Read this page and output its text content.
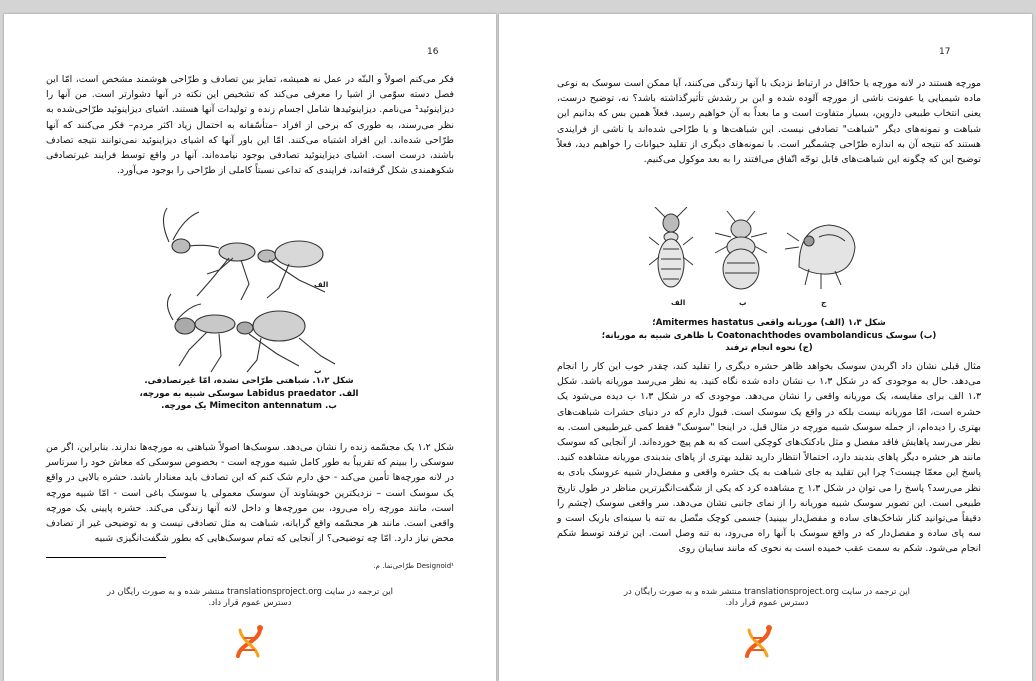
16

فکر می‌کنم اصولاً و البتّه در عمل نه همیشه، تمایز بین تصادف و طرّاحی هوشمند مشخص است، امّا این فصل دسته سوّمی از اشیا را معرفی می‌کند که تشخیص این نکته در آنها دشوارتر است. من آنها را دیزاینوئید¹ می‌نامم. دیزاینوئیدها شامل اجسام زنده و تولیدات آنها هستند. اشیای دیزاینوئید طرّاحی‌شده به نظر می‌رسند، به طوری که برخی از افراد –متأسّفانه به احتمال زیاد اکثر مردم– فکر می‌کنند که آنها طرّاحی شده‌اند. این افراد اشتباه می‌کنند. امّا این باور آنها که اشیای دیزاینوئید نمی‌توانند نتیجه تصادف باشند، درست است. اشیای دیزاینوئید تصادفی بوجود نیامده‌اند. آنها در واقع توسط فرایند غیرتصادفی شکوهمندی شکل گرفته‌اند، فرایندی که تداعی نسبتاً کاملی از طرّاحی را بوجود می‌آورد.

الف
ب
شکل ۱،۲. شباهتی طرّاحی نشده، امّا غیرتصادفی.
الف. Labidus praedator سوسکی شبیه به مورچه،
ب. Mimeciton antennatum یک مورچه.

شکل ۱،۲ یک مجسّمه زنده را نشان می‌دهد. سوسک‌ها اصولاً شباهتی به مورچه‌ها ندارند. بنابراین، اگر من سوسکی را ببینم که تقریباً به طور کامل شبیه مورچه است - بخصوص سوسکی که معاش خود را سرتاسر در لانه مورچه‌ها تأمین می‌کند - حق دارم شک کنم که این تصادف باید معنادار باشد. حشره بالایی در واقع یک سوسک است – نزدیکترین خویشاوند آن سوسک معمولی یا سوسک باغی است - امّا شبیه مورچه است، مانند مورچه راه می‌رود، بین مورچه‌ها و داخل لانه آنها زندگی می‌کند. حشره پایینی یک مورچه واقعی است. مانند هر مجسّمه واقع گرایانه، شباهت به مثل تصادفی نیست و به توضیحی غیر از تصادف محض نیاز دارد. امّا چه توضیحی؟ از آنجایی که تمام سوسک‌هایی که بطور شگفت‌انگیزی شبیه

Designoid¹ طرّاحی‌نما. م.
این ترجمه در سایت translationsproject.org منتشر شده و به صورت رایگان در
دسترس عموم قرار داد.
17

مورچه هستند در لانه مورچه یا حدّاقل در ارتباط نزدیک با آنها زندگی می‌کنند، آیا ممکن است سوسک به نوعی ماده شیمیایی یا عفونت ناشی از مورچه آلوده شده و این بر رشدش تأثیرگذاشته باشد؟ نه، توضیح درست، یعنی انتخاب طبیعی داروین، بسیار متفاوت است و ما بعداً به آن خواهیم رسید. فعلاً همین بس که بدانیم این شباهت و نمونه‌های دیگر "شباهت" تصادفی نیست. این شباهت‌ها و یا طرّاحی شده‌اند یا ناشی از فرایندی هستند که نتیجه آن به اندازه طرّاحی چشمگیر است. با نمونه‌های دیگری از تقلید حیوانات را خواهیم دید، فعلاً توضیح این که چگونه این شباهت‌های قابل توجّه اتّفاق می‌افتند را به بعد موکول می‌کنیم.

الف	ب	ج
شکل ۱،۳ (الف) موریانه واقعی Amitermes hastatus؛
(ب) سوسک Coatonachthodes ovambolandicus با ظاهری شبیه به موریانه؛
(ج) نحوه انجام ترفند

مثال قبلی نشان داد اگربدن سوسک بخواهد ظاهر حشره دیگری را تقلید کند، چقدر خوب این کار را انجام می‌دهد. حال به موجودی که در شکل ۱،۳ ب نشان داده شده نگاه کنید. به نظر می‌رسد موریانه باشد. شکل ۱،۳ الف برای مقایسه، یک موریانه واقعی را نشان می‌دهد. موجودی که در شکل ۱،۳ ب دیده می‌شود یک حشره است، امّا موریانه نیست بلکه در واقع یک سوسک است. قبول دارم که در دنیای حشرات شباهت‌های بهتری را دیده‌ام، از جمله سوسک شبیه مورچه در مثال قبل. در اینجا "سوسک" فقط کمی غیرطبیعی است. به نظر می‌رسد پاهایش فاقد مفصل و مثل بادکنک‌های کوچکی است که به هم پیچ خورده‌اند. از آنجایی که سوسک مانند هر حشره دیگر پاهای بندبند دارد، احتمالاً انتظار دارید تقلید بهتری از پاهای بندبندی موریانه مشاهده کنید. پاسخ این معمّا چیست؟ چرا این تقلید به جای شباهت به یک حشره واقعی و مفصل‌دار شبیه عروسک بادی به نظر می‌رسد؟ پاسخ را می توان در شکل ۱،۳ ج مشاهده کرد که یکی از شگفت‌انگیزترین مناظر در طول تاریخ طبیعی است. این تصویر سوسک شبیه موریانه را از نمای جانبی نشان می‌دهد. سر واقعی سوسک (چشم را دقیقاً می‌توانید کنار شاخک‌های ساده و مفصل‌دار ببینید) جسمی کوچک متّصل به تنه با سینه‌ای باریک است و سه پای ساده و مفصل‌دار که در واقع سوسک با آنها راه می‌رود، به تنه وصل است. این ترفند توسط شکم انجام می‌شود. شکم به سمت عقب خمیده است به نحوی که مانند سایبان روی

این ترجمه در سایت translationsproject.org منتشر شده و به صورت رایگان در
دسترس عموم قرار داد.
